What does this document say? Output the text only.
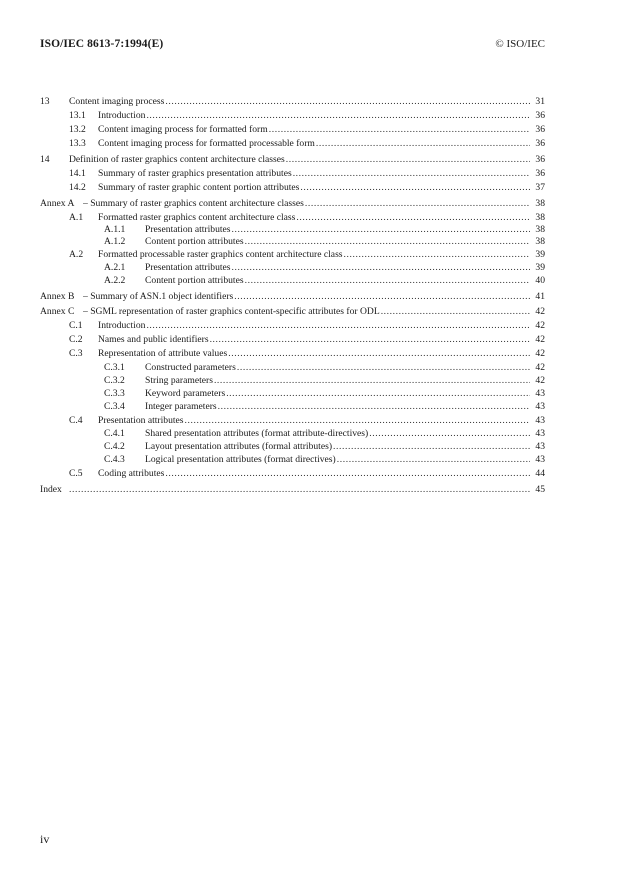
ISO/IEC 8613-7:1994(E)	© ISO/IEC
13 Content imaging process .....	31
13.1 Introduction .....	36
13.2 Content imaging process for formatted form .....	36
13.3 Content imaging process for formatted processable form .....	36
14 Definition of raster graphics content architecture classes .....	36
14.1 Summary of raster graphics presentation attributes .....	36
14.2 Summary of raster graphic content portion attributes .....	37
Annex A – Summary of raster graphics content architecture classes .....	38
A.1 Formatted raster graphics content architecture class .....	38
A.1.1 Presentation attributes .....	38
A.1.2 Content portion attributes .....	38
A.2 Formatted processable raster graphics content architecture class .....	39
A.2.1 Presentation attributes .....	39
A.2.2 Content portion attributes .....	40
Annex B – Summary of ASN.1 object identifiers .....	41
Annex C – SGML representation of raster graphics content-specific attributes for ODL .....	42
C.1 Introduction .....	42
C.2 Names and public identifiers .....	42
C.3 Representation of attribute values .....	42
C.3.1 Constructed parameters .....	42
C.3.2 String parameters .....	42
C.3.3 Keyword parameters .....	43
C.3.4 Integer parameters .....	43
C.4 Presentation attributes .....	43
C.4.1 Shared presentation attributes (format attribute-directives) .....	43
C.4.2 Layout presentation attributes (formal attributes) .....	43
C.4.3 Logical presentation attributes (format directives) .....	43
C.5 Coding attributes .....	44
Index .....	45
iv
